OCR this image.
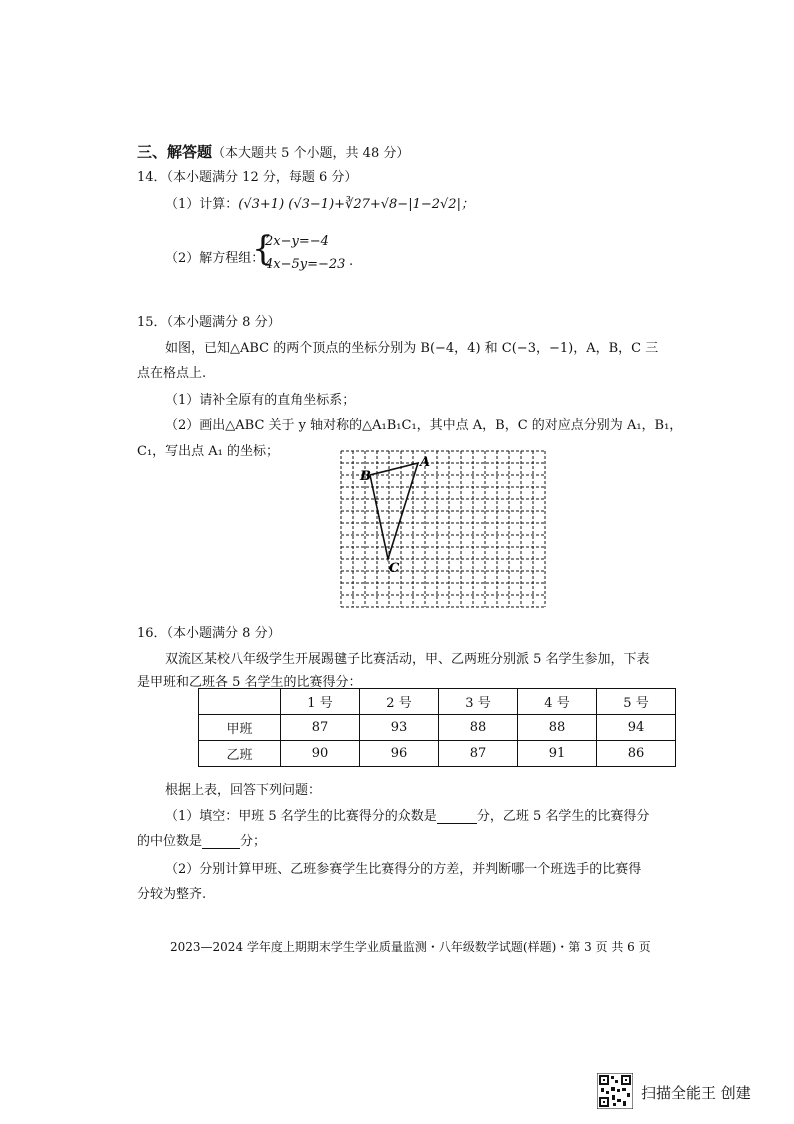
三、解答题（本大题共 5 个小题，共 48 分）
14．（本小题满分 12 分，每题 6 分）
（1）计算：(√3+1) (√3−1)+∛27+√8−|1−2√2|；
（2）解方程组：
{
2x−y=−4
4x−5y=−23 .
15．（本小题满分 8 分）
如图，已知△ABC 的两个顶点的坐标分别为 B(−4，4) 和 C(−3，−1)，A，B，C 三
点在格点上.
（1）请补全原有的直角坐标系；
（2）画出△ABC 关于 y 轴对称的△A₁B₁C₁，其中点 A，B，C 的对应点分别为 A₁，B₁，
C₁，写出点 A₁ 的坐标；
A
B
C
16．（本小题满分 8 分）
双流区某校八年级学生开展踢毽子比赛活动，甲、乙两班分别派 5 名学生参加，下表
是甲班和乙班各 5 名学生的比赛得分：
	1 号	2 号	3 号	4 号	5 号
甲班	87	93	88	88	94
乙班	90	96	87	91	86
根据上表，回答下列问题：
（1）填空：甲班 5 名学生的比赛得分的众数是	分，乙班 5 名学生的比赛得分
的中位数是	分；
（2）分别计算甲班、乙班参赛学生比赛得分的方差，并判断哪一个班选手的比赛得
分较为整齐.
2023—2024 学年度上期期末学生学业质量监测・八年级数学试题(样题)・第 3 页 共 6 页
扫描全能王 创建
